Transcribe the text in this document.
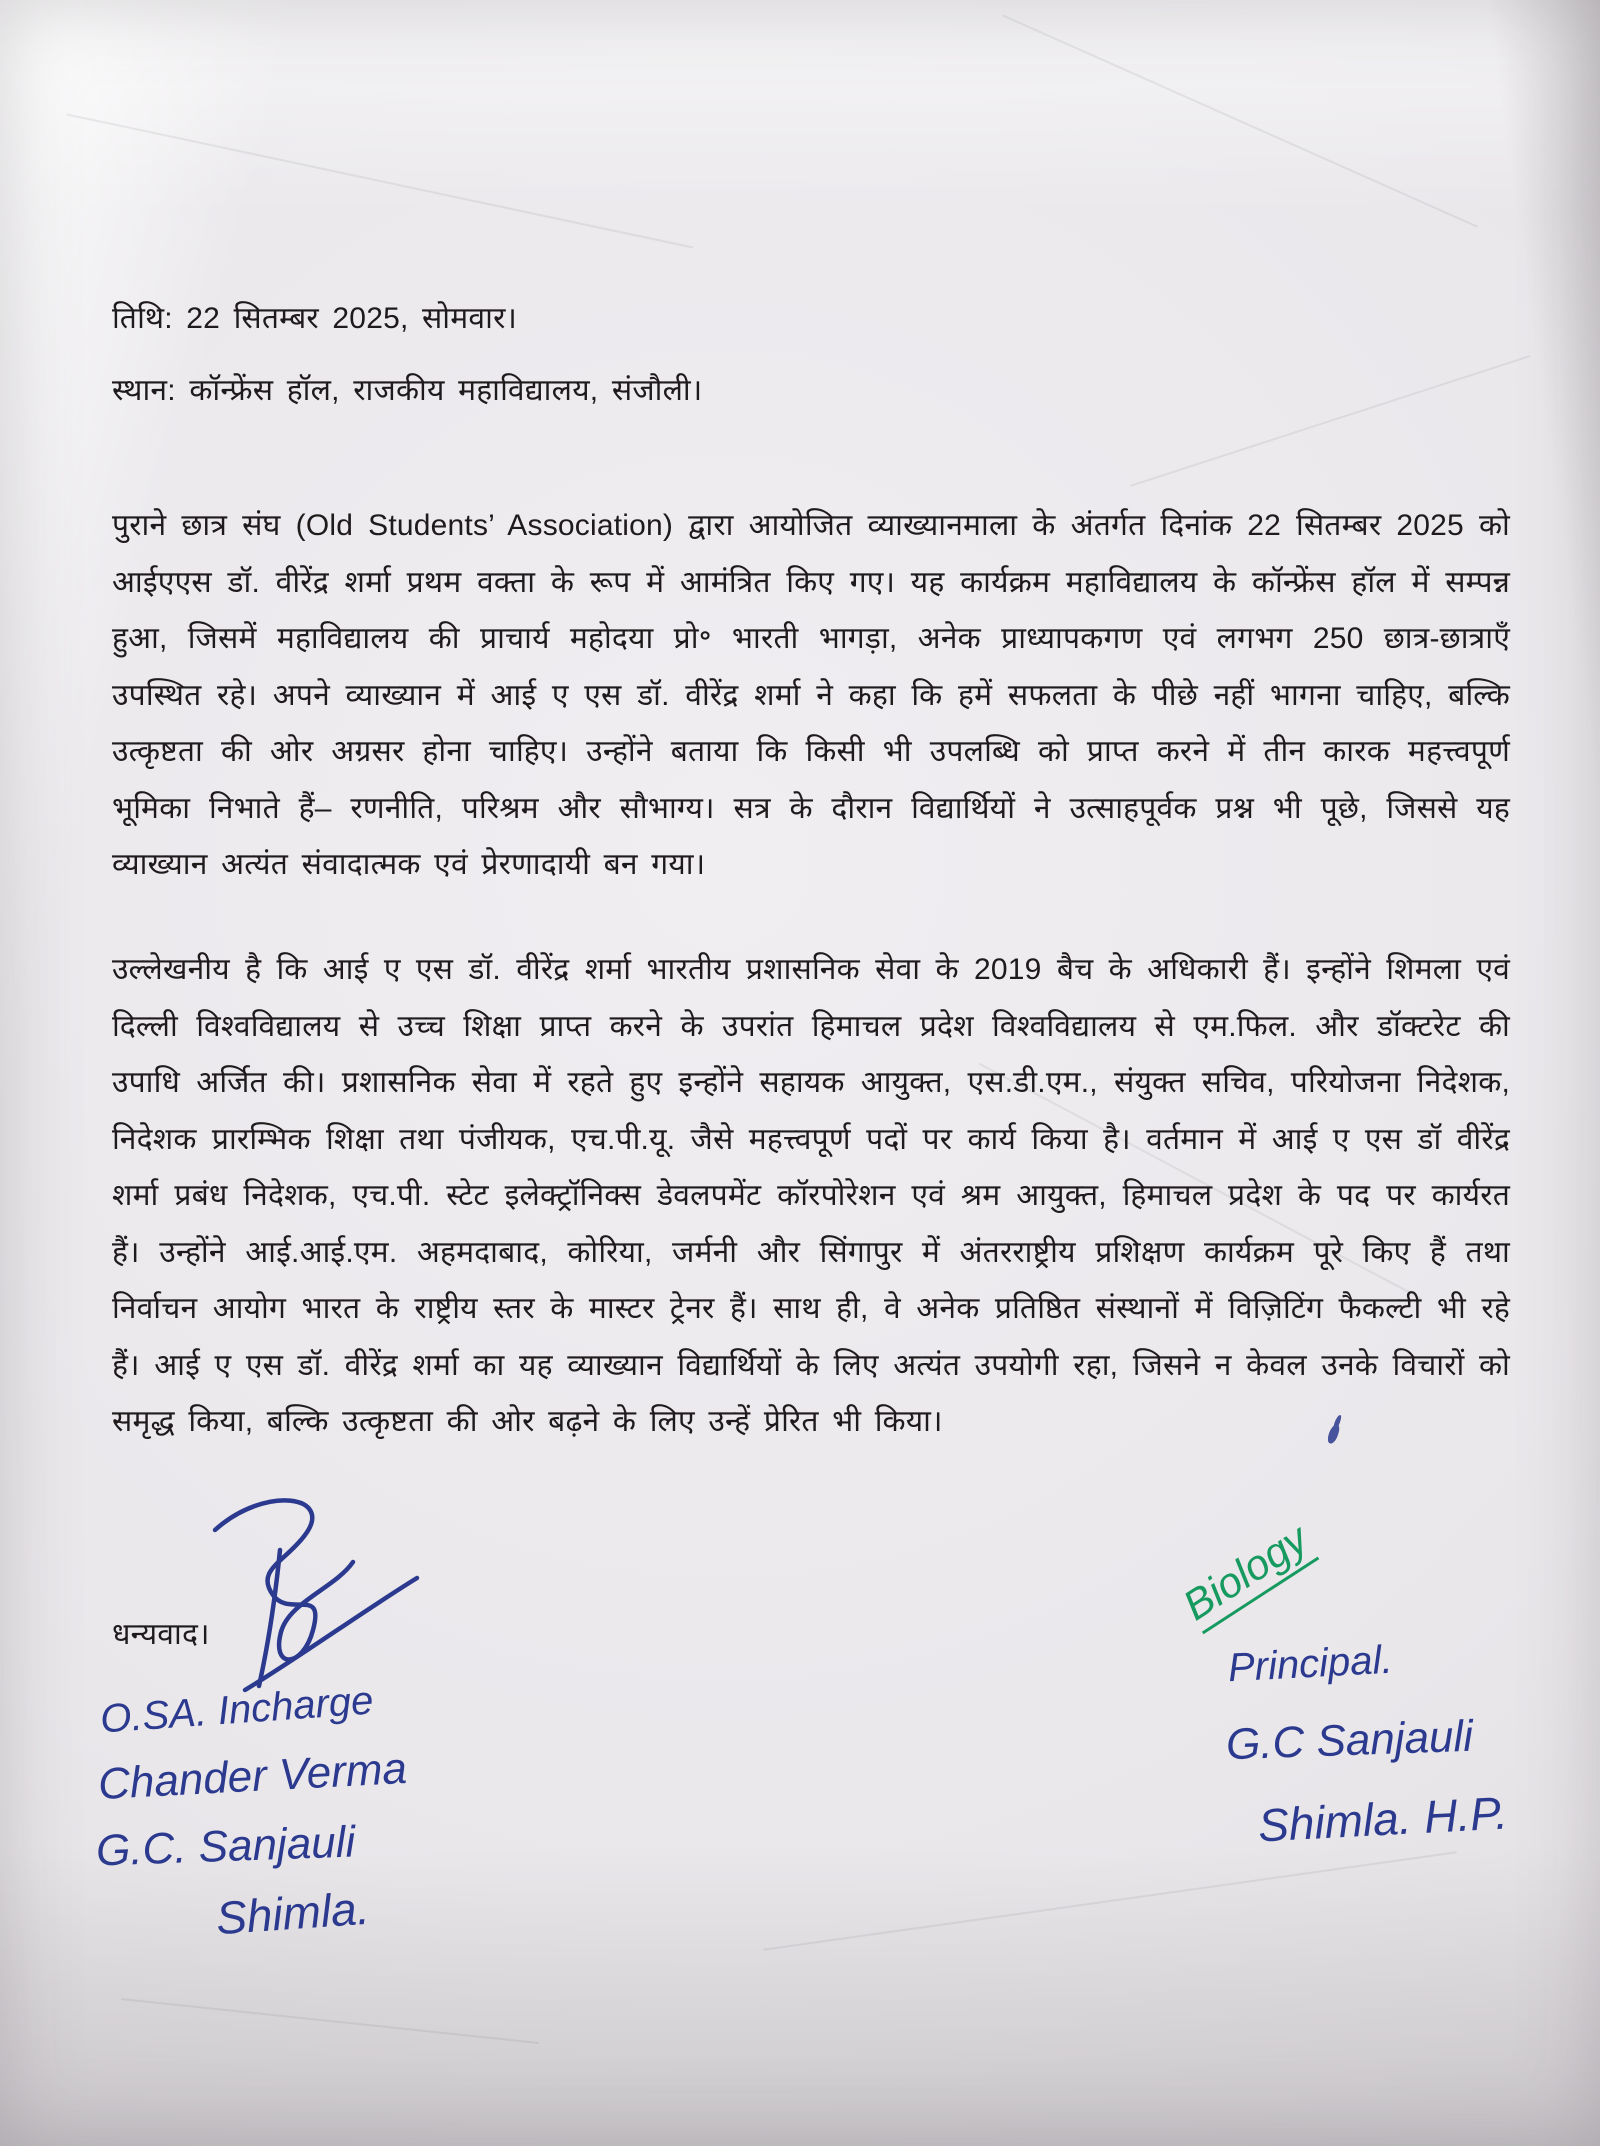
तिथि: 22 सितम्बर 2025, सोमवार।
स्थान: कॉन्फ्रेंस हॉल, राजकीय महाविद्यालय, संजौली।
पुराने छात्र संघ (Old Students’ Association) द्वारा आयोजित व्याख्यानमाला के अंतर्गत दिनांक 22 सितम्बर 2025 को आईएएस डॉ. वीरेंद्र शर्मा प्रथम वक्ता के रूप में आमंत्रित किए गए। यह कार्यक्रम महाविद्यालय के कॉन्फ्रेंस हॉल में सम्पन्न हुआ, जिसमें महाविद्यालय की प्राचार्य महोदया प्रो॰ भारती भागड़ा, अनेक प्राध्यापकगण एवं लगभग 250 छात्र-छात्राएँ उपस्थित रहे। अपने व्याख्यान में आई ए एस डॉ. वीरेंद्र शर्मा ने कहा कि हमें सफलता के पीछे नहीं भागना चाहिए, बल्कि उत्कृष्टता की ओर अग्रसर होना चाहिए। उन्होंने बताया कि किसी भी उपलब्धि को प्राप्त करने में तीन कारक महत्त्वपूर्ण भूमिका निभाते हैं– रणनीति, परिश्रम और सौभाग्य। सत्र के दौरान विद्यार्थियों ने उत्साहपूर्वक प्रश्न भी पूछे, जिससे यह व्याख्यान अत्यंत संवादात्मक एवं प्रेरणादायी बन गया।
उल्लेखनीय है कि आई ए एस डॉ. वीरेंद्र शर्मा भारतीय प्रशासनिक सेवा के 2019 बैच के अधिकारी हैं। इन्होंने शिमला एवं दिल्ली विश्वविद्यालय से उच्च शिक्षा प्राप्त करने के उपरांत हिमाचल प्रदेश विश्वविद्यालय से एम.फिल. और डॉक्टरेट की उपाधि अर्जित की। प्रशासनिक सेवा में रहते हुए इन्होंने सहायक आयुक्त, एस.डी.एम., संयुक्त सचिव, परियोजना निदेशक, निदेशक प्रारम्भिक शिक्षा तथा पंजीयक, एच.पी.यू. जैसे महत्त्वपूर्ण पदों पर कार्य किया है। वर्तमान में आई ए एस डॉ वीरेंद्र शर्मा प्रबंध निदेशक, एच.पी. स्टेट इलेक्ट्रॉनिक्स डेवलपमेंट कॉरपोरेशन एवं श्रम आयुक्त, हिमाचल प्रदेश के पद पर कार्यरत हैं। उन्होंने आई.आई.एम. अहमदाबाद, कोरिया, जर्मनी और सिंगापुर में अंतरराष्ट्रीय प्रशिक्षण कार्यक्रम पूरे किए हैं तथा निर्वाचन आयोग भारत के राष्ट्रीय स्तर के मास्टर ट्रेनर हैं। साथ ही, वे अनेक प्रतिष्ठित संस्थानों में विज़िटिंग फैकल्टी भी रहे हैं। आई ए एस डॉ. वीरेंद्र शर्मा का यह व्याख्यान विद्यार्थियों के लिए अत्यंत उपयोगी रहा, जिसने न केवल उनके विचारों को समृद्ध किया, बल्कि उत्कृष्टता की ओर बढ़ने के लिए उन्हें प्रेरित भी किया।
धन्यवाद।
O.SA. Incharge
Chander Verma
G.C. Sanjauli
Shimla.
Biology
Principal.
G.C Sanjauli
Shimla. H.P.
